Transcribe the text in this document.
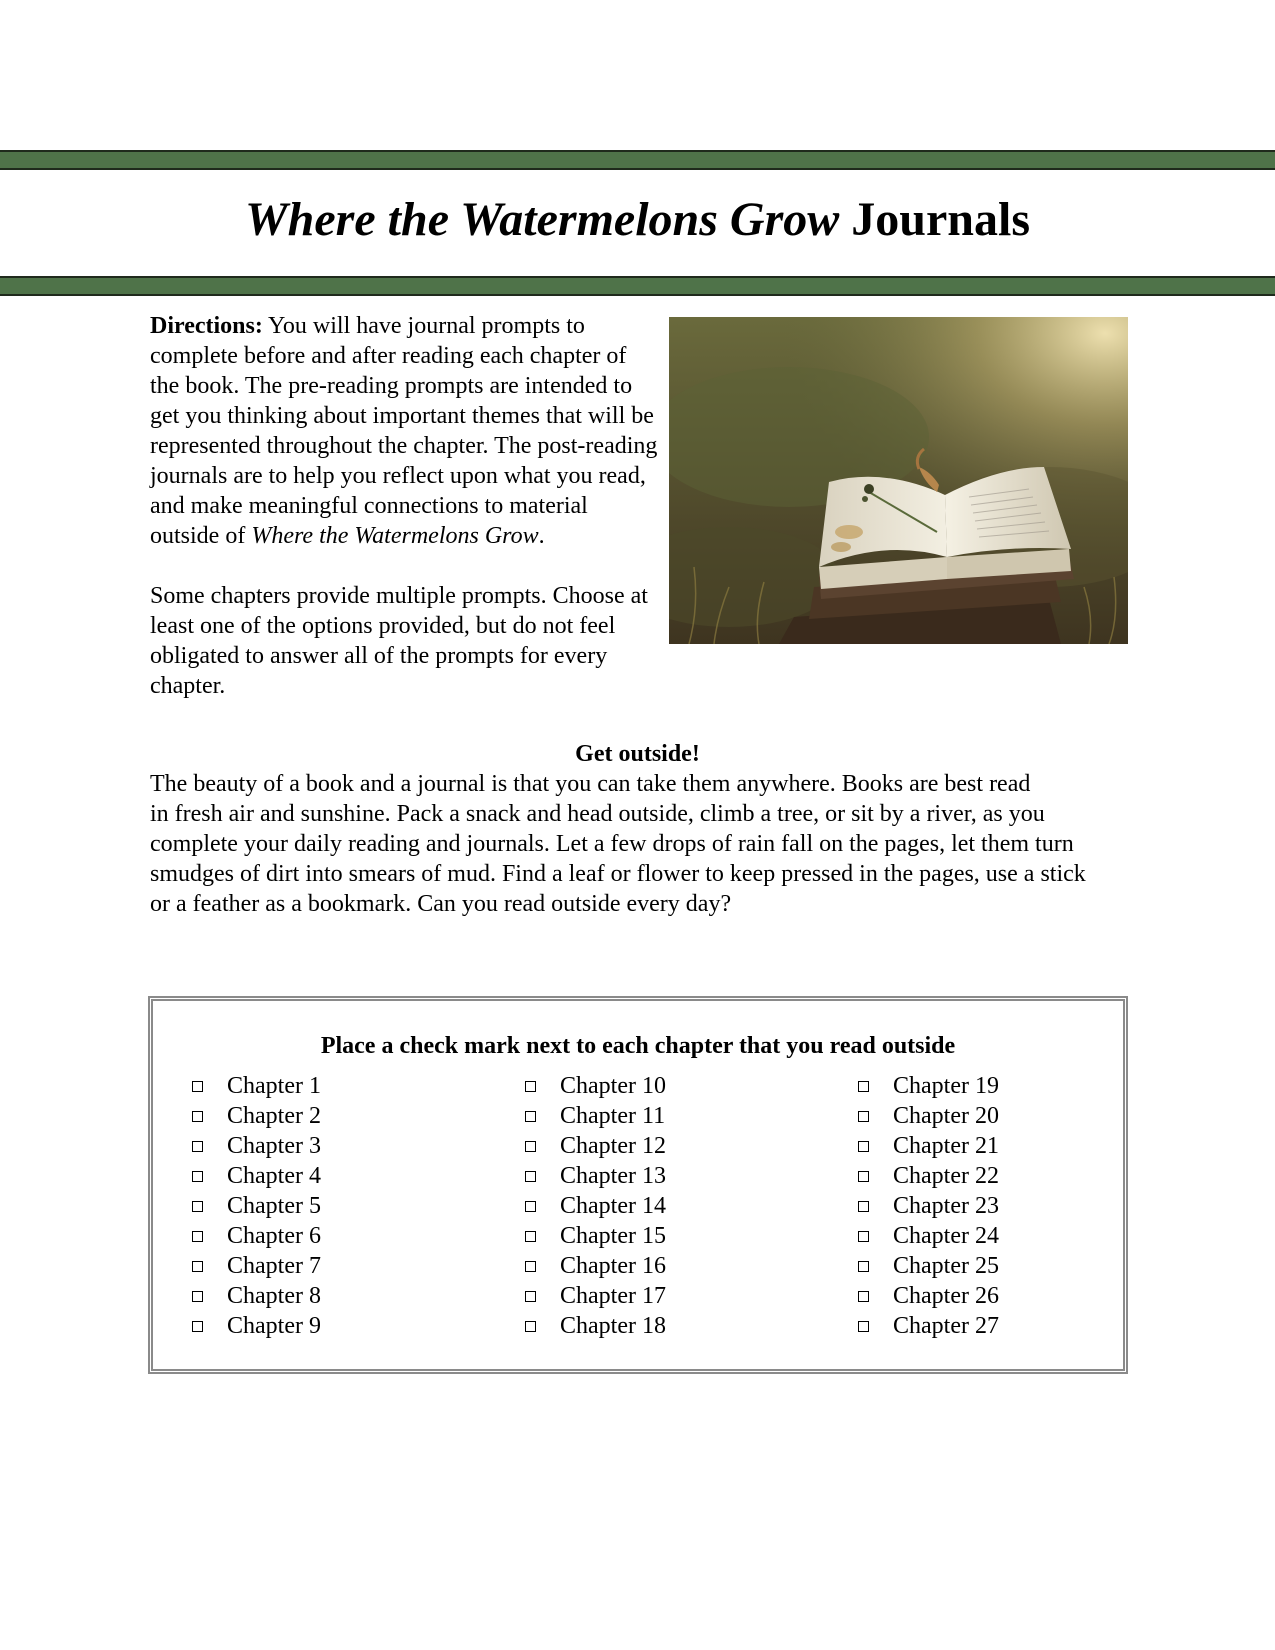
Where the Watermelons Grow Journals

Directions: You will have journal prompts to complete before and after reading each chapter of the book. The pre-reading prompts are intended to get you thinking about important themes that will be represented throughout the chapter. The post-reading journals are to help you reflect upon what you read, and make meaningful connections to material outside of Where the Watermelons Grow.

Some chapters provide multiple prompts. Choose at least one of the options provided, but do not feel obligated to answer all of the prompts for every chapter.

Get outside!

The beauty of a book and a journal is that you can take them anywhere. Books are best read
in fresh air and sunshine. Pack a snack and head outside, climb a tree, or sit by a river, as you
complete your daily reading and journals. Let a few drops of rain fall on the pages, let them turn
smudges of dirt into smears of mud. Find a leaf or flower to keep pressed in the pages, use a stick
or a feather as a bookmark. Can you read outside every day?

Place a check mark next to each chapter that you read outside
Chapter 1
Chapter 2
Chapter 3
Chapter 4
Chapter 5
Chapter 6
Chapter 7
Chapter 8
Chapter 9
Chapter 10
Chapter 11
Chapter 12
Chapter 13
Chapter 14
Chapter 15
Chapter 16
Chapter 17
Chapter 18
Chapter 19
Chapter 20
Chapter 21
Chapter 22
Chapter 23
Chapter 24
Chapter 25
Chapter 26
Chapter 27
